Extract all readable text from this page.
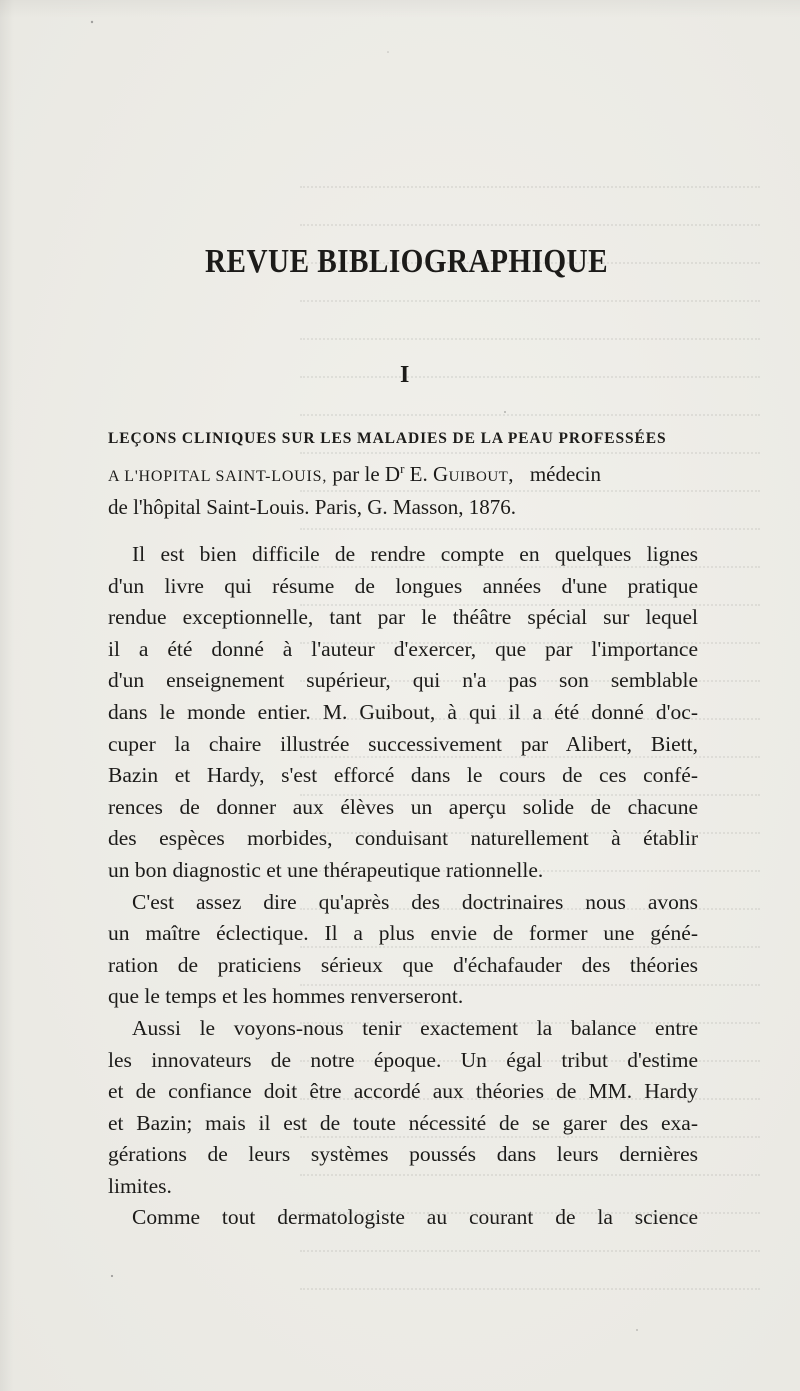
REVUE BIBLIOGRAPHIQUE
I
LEÇONS CLINIQUES SUR LES MALADIES DE LA PEAU PROFESSÉES
A L'HOPITAL SAINT-LOUIS, par le $D^r$ E. Guibout, médecin
de l'hôpital Saint-Louis. Paris, G. Masson, 1876.
Il est bien difficile de rendre compte en quelques lignes
d'un livre qui résume de longues années d'une pratique
rendue exceptionnelle, tant par le théâtre spécial sur lequel
il a été donné à l'auteur d'exercer, que par l'importance
d'un enseignement supérieur, qui n'a pas son semblable
dans le monde entier. M. Guibout, à qui il a été donné d'oc-
cuper la chaire illustrée successivement par Alibert, Biett,
Bazin et Hardy, s'est efforcé dans le cours de ces confé-
rences de donner aux élèves un aperçu solide de chacune
des espèces morbides, conduisant naturellement à établir
un bon diagnostic et une thérapeutique rationnelle.
C'est assez dire qu'après des doctrinaires nous avons
un maître éclectique. Il a plus envie de former une géné-
ration de praticiens sérieux que d'échafauder des théories
que le temps et les hommes renverseront.
Aussi le voyons-nous tenir exactement la balance entre
les innovateurs de notre époque. Un égal tribut d'estime
et de confiance doit être accordé aux théories de MM. Hardy
et Bazin; mais il est de toute nécessité de se garer des exa-
gérations de leurs systèmes poussés dans leurs dernières
limites.
Comme tout dermatologiste au courant de la science
